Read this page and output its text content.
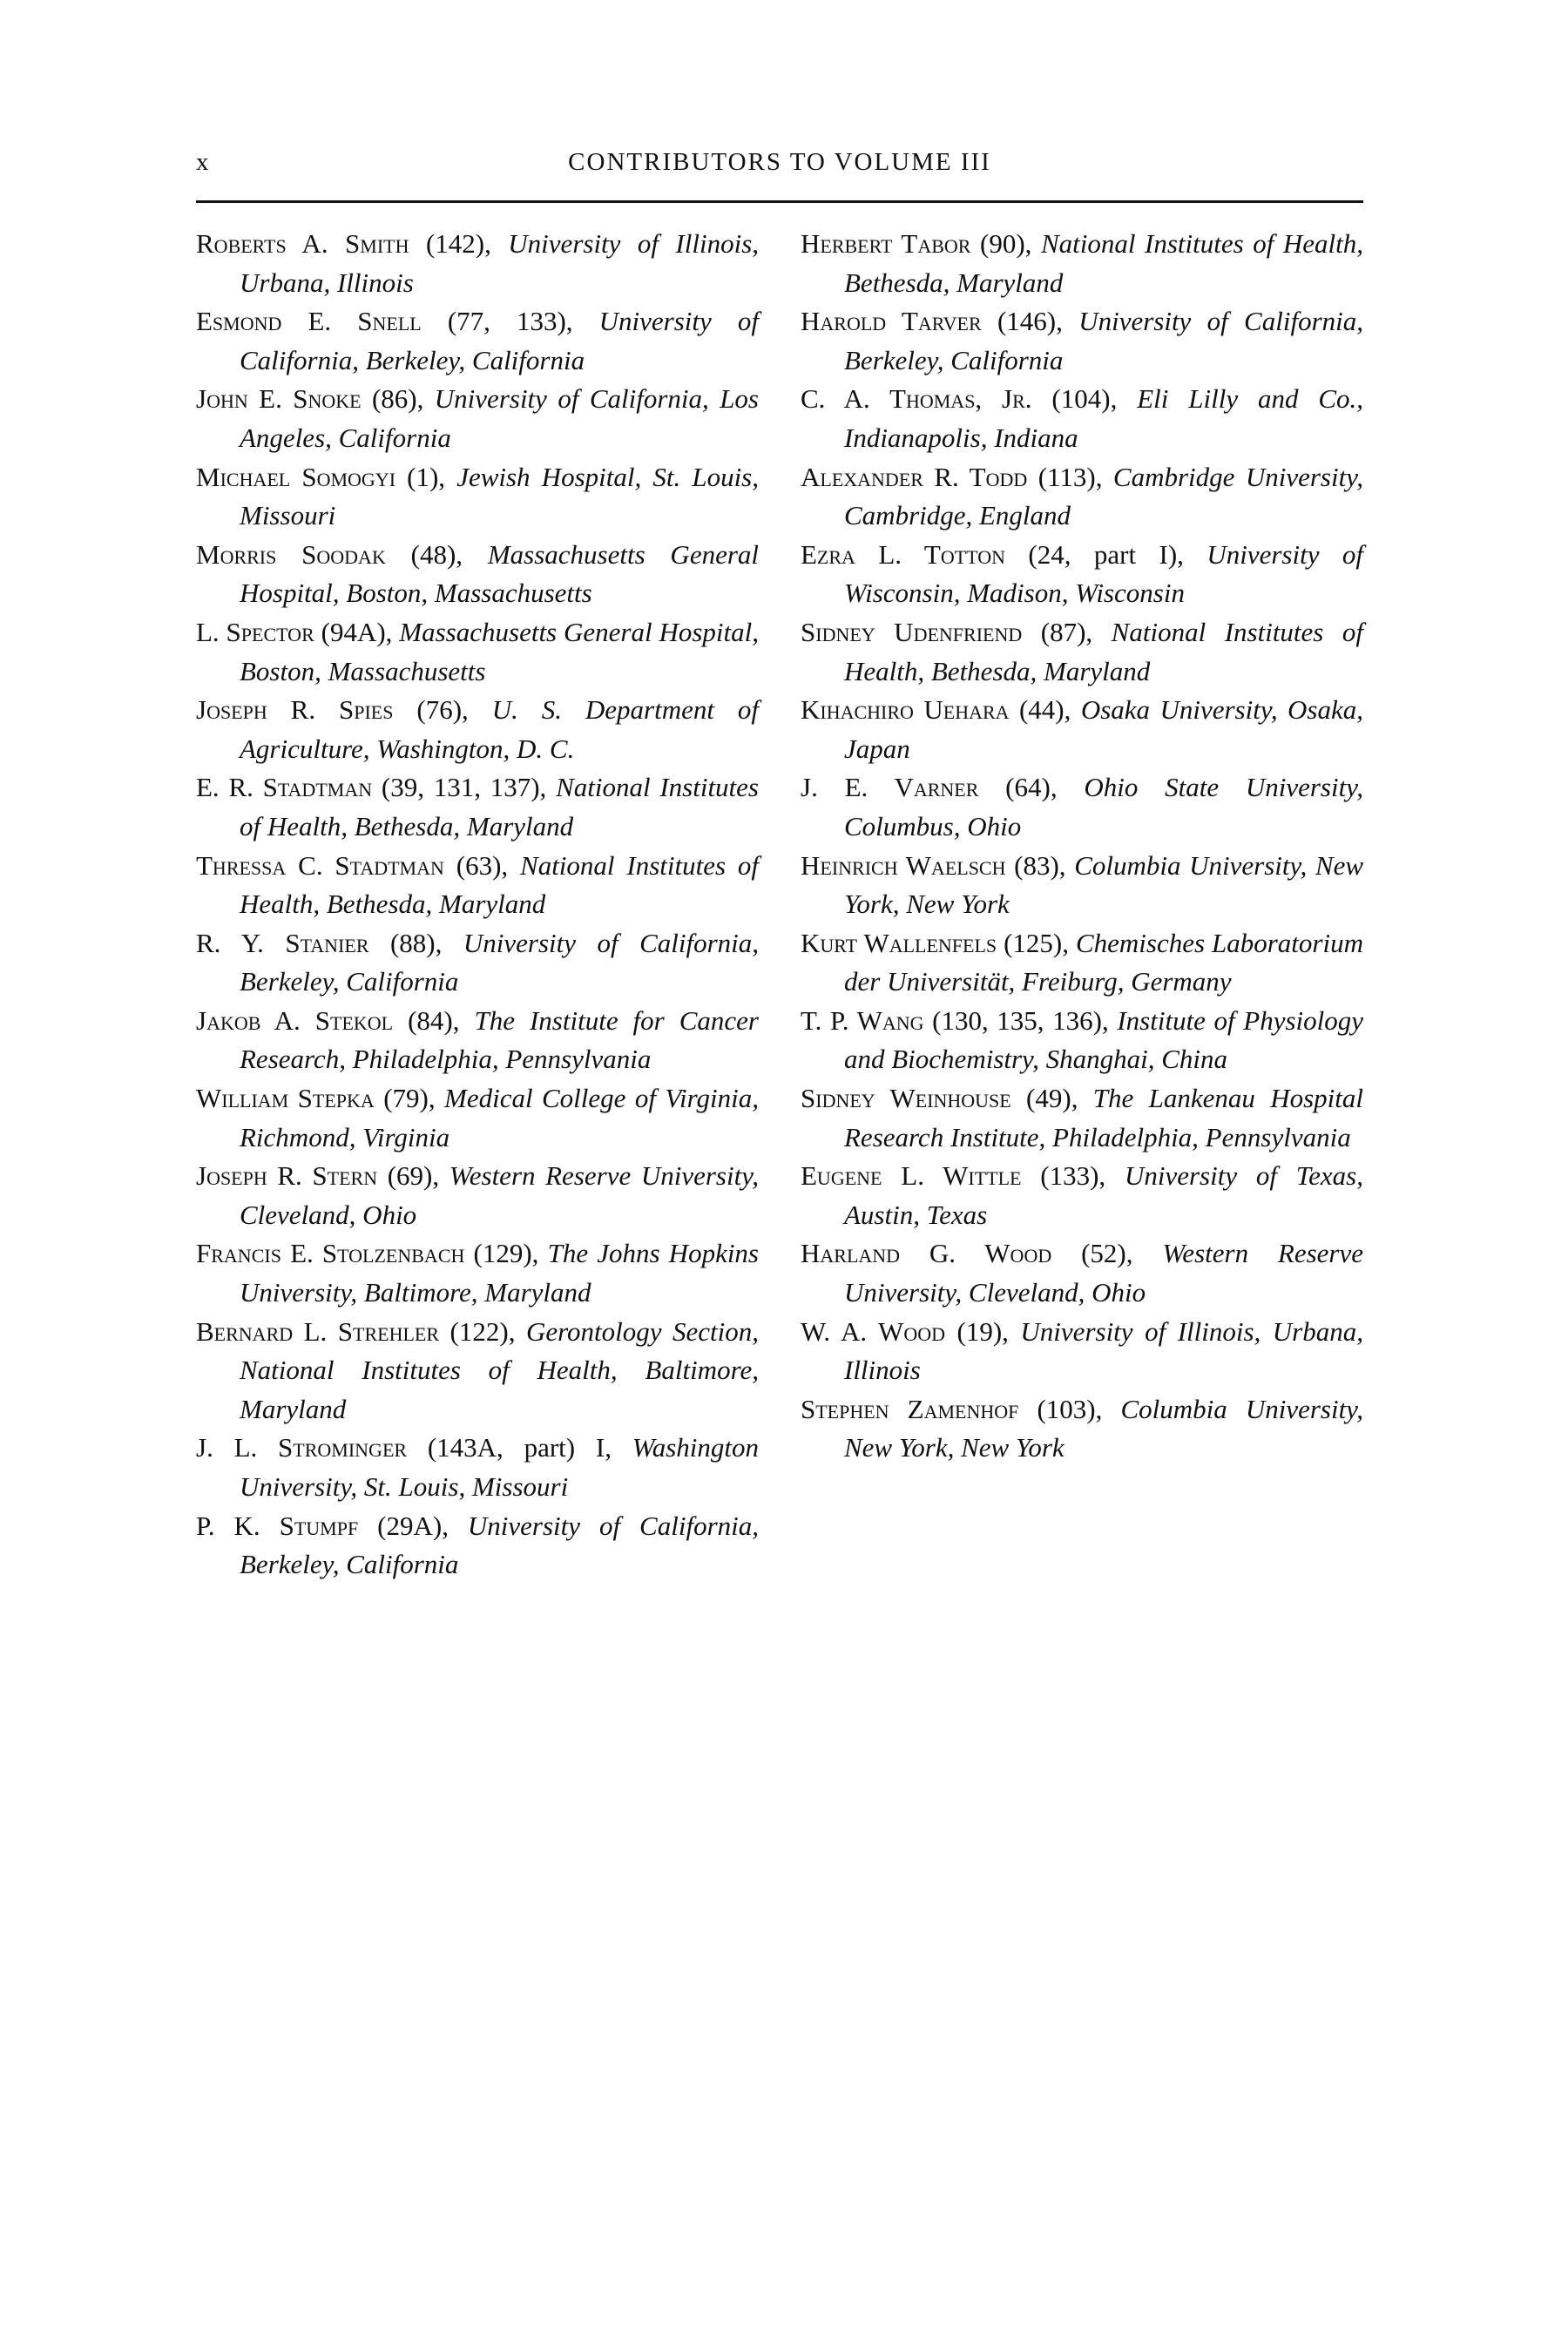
x	CONTRIBUTORS TO VOLUME III

Roberts A. Smith (142), University of Illinois, Urbana, Illinois

Esmond E. Snell (77, 133), University of California, Berkeley, California

John E. Snoke (86), University of California, Los Angeles, California

Michael Somogyi (1), Jewish Hospital, St. Louis, Missouri

Morris Soodak (48), Massachusetts General Hospital, Boston, Massachusetts

L. Spector (94A), Massachusetts General Hospital, Boston, Massachusetts

Joseph R. Spies (76), U. S. Department of Agriculture, Washington, D. C.

E. R. Stadtman (39, 131, 137), National Institutes of Health, Bethesda, Maryland

Thressa C. Stadtman (63), National Institutes of Health, Bethesda, Maryland

R. Y. Stanier (88), University of California, Berkeley, California

Jakob A. Stekol (84), The Institute for Cancer Research, Philadelphia, Pennsylvania

William Stepka (79), Medical College of Virginia, Richmond, Virginia

Joseph R. Stern (69), Western Reserve University, Cleveland, Ohio

Francis E. Stolzenbach (129), The Johns Hopkins University, Baltimore, Maryland

Bernard L. Strehler (122), Gerontology Section, National Institutes of Health, Baltimore, Maryland

J. L. Strominger (143A, part) I, Washington University, St. Louis, Missouri

P. K. Stumpf (29A), University of California, Berkeley, California

Herbert Tabor (90), National Institutes of Health, Bethesda, Maryland

Harold Tarver (146), University of California, Berkeley, California

C. A. Thomas, Jr. (104), Eli Lilly and Co., Indianapolis, Indiana

Alexander R. Todd (113), Cambridge University, Cambridge, England

Ezra L. Totton (24, part I), University of Wisconsin, Madison, Wisconsin

Sidney Udenfriend (87), National Institutes of Health, Bethesda, Maryland

Kihachiro Uehara (44), Osaka University, Osaka, Japan

J. E. Varner (64), Ohio State University, Columbus, Ohio

Heinrich Waelsch (83), Columbia University, New York, New York

Kurt Wallenfels (125), Chemisches Laboratorium der Universität, Freiburg, Germany

T. P. Wang (130, 135, 136), Institute of Physiology and Biochemistry, Shanghai, China

Sidney Weinhouse (49), The Lankenau Hospital Research Institute, Philadelphia, Pennsylvania

Eugene L. Wittle (133), University of Texas, Austin, Texas

Harland G. Wood (52), Western Reserve University, Cleveland, Ohio

W. A. Wood (19), University of Illinois, Urbana, Illinois

Stephen Zamenhof (103), Columbia University, New York, New York
